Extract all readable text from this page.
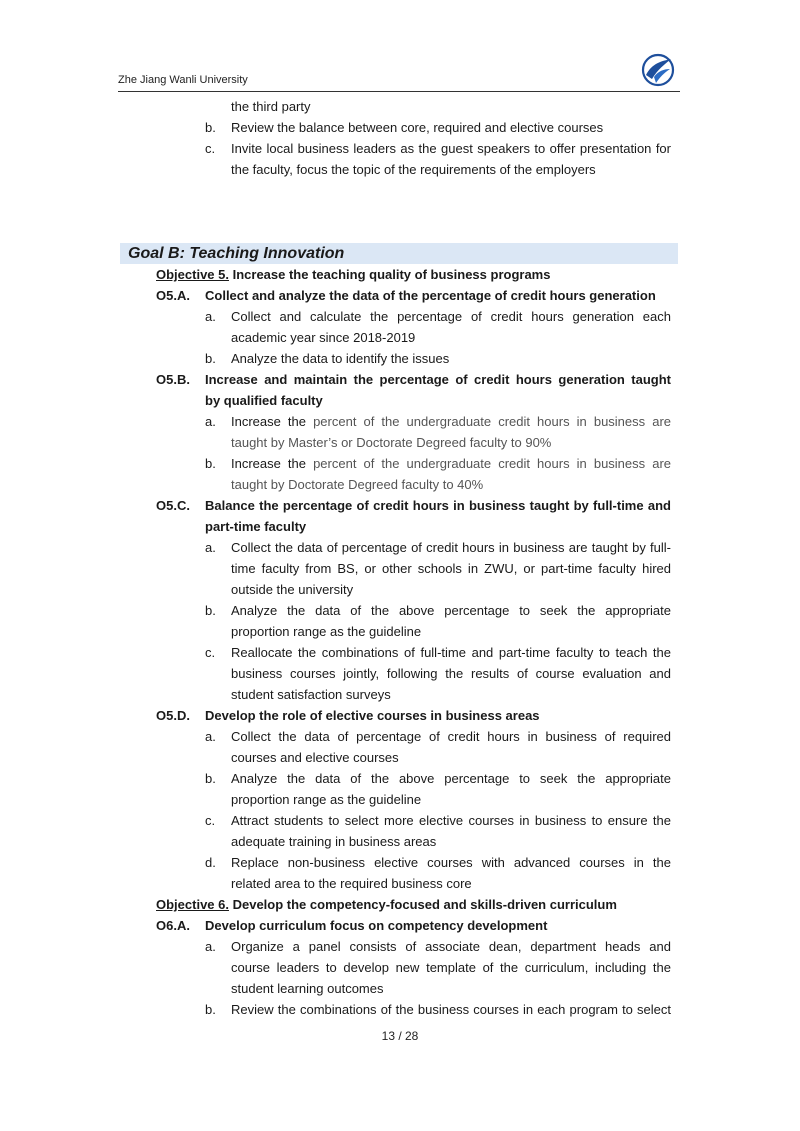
Zhe Jiang Wanli University
the third party
b. Review the balance between core, required and elective courses
c. Invite local business leaders as the guest speakers to offer presentation for
the faculty, focus the topic of the requirements of the employers
Goal B: Teaching Innovation
Objective 5. Increase the teaching quality of business programs
O5.A. Collect and analyze the data of the percentage of credit hours generation
a. Collect and calculate the percentage of credit hours generation each
academic year since 2018-2019
b. Analyze the data to identify the issues
O5.B. Increase and maintain the percentage of credit hours generation taught
by qualified faculty
a. Increase the percent of the undergraduate credit hours in business are
taught by Master’s or Doctorate Degreed faculty to 90%
b. Increase the percent of the undergraduate credit hours in business are
taught by Doctorate Degreed faculty to 40%
O5.C. Balance the percentage of credit hours in business taught by full-time and
part-time faculty
a. Collect the data of percentage of credit hours in business are taught by full-
time faculty from BS, or other schools in ZWU, or part-time faculty hired
outside the university
b. Analyze the data of the above percentage to seek the appropriate
proportion range as the guideline
c. Reallocate the combinations of full-time and part-time faculty to teach the
business courses jointly, following the results of course evaluation and
student satisfaction surveys
O5.D. Develop the role of elective courses in business areas
a. Collect the data of percentage of credit hours in business of required
courses and elective courses
b. Analyze the data of the above percentage to seek the appropriate
proportion range as the guideline
c. Attract students to select more elective courses in business to ensure the
adequate training in business areas
d. Replace non-business elective courses with advanced courses in the
related area to the required business core
Objective 6. Develop the competency-focused and skills-driven curriculum
O6.A. Develop curriculum focus on competency development
a. Organize a panel consists of associate dean, department heads and
course leaders to develop new template of the curriculum, including the
student learning outcomes
b. Review the combinations of the business courses in each program to select
13 / 28
